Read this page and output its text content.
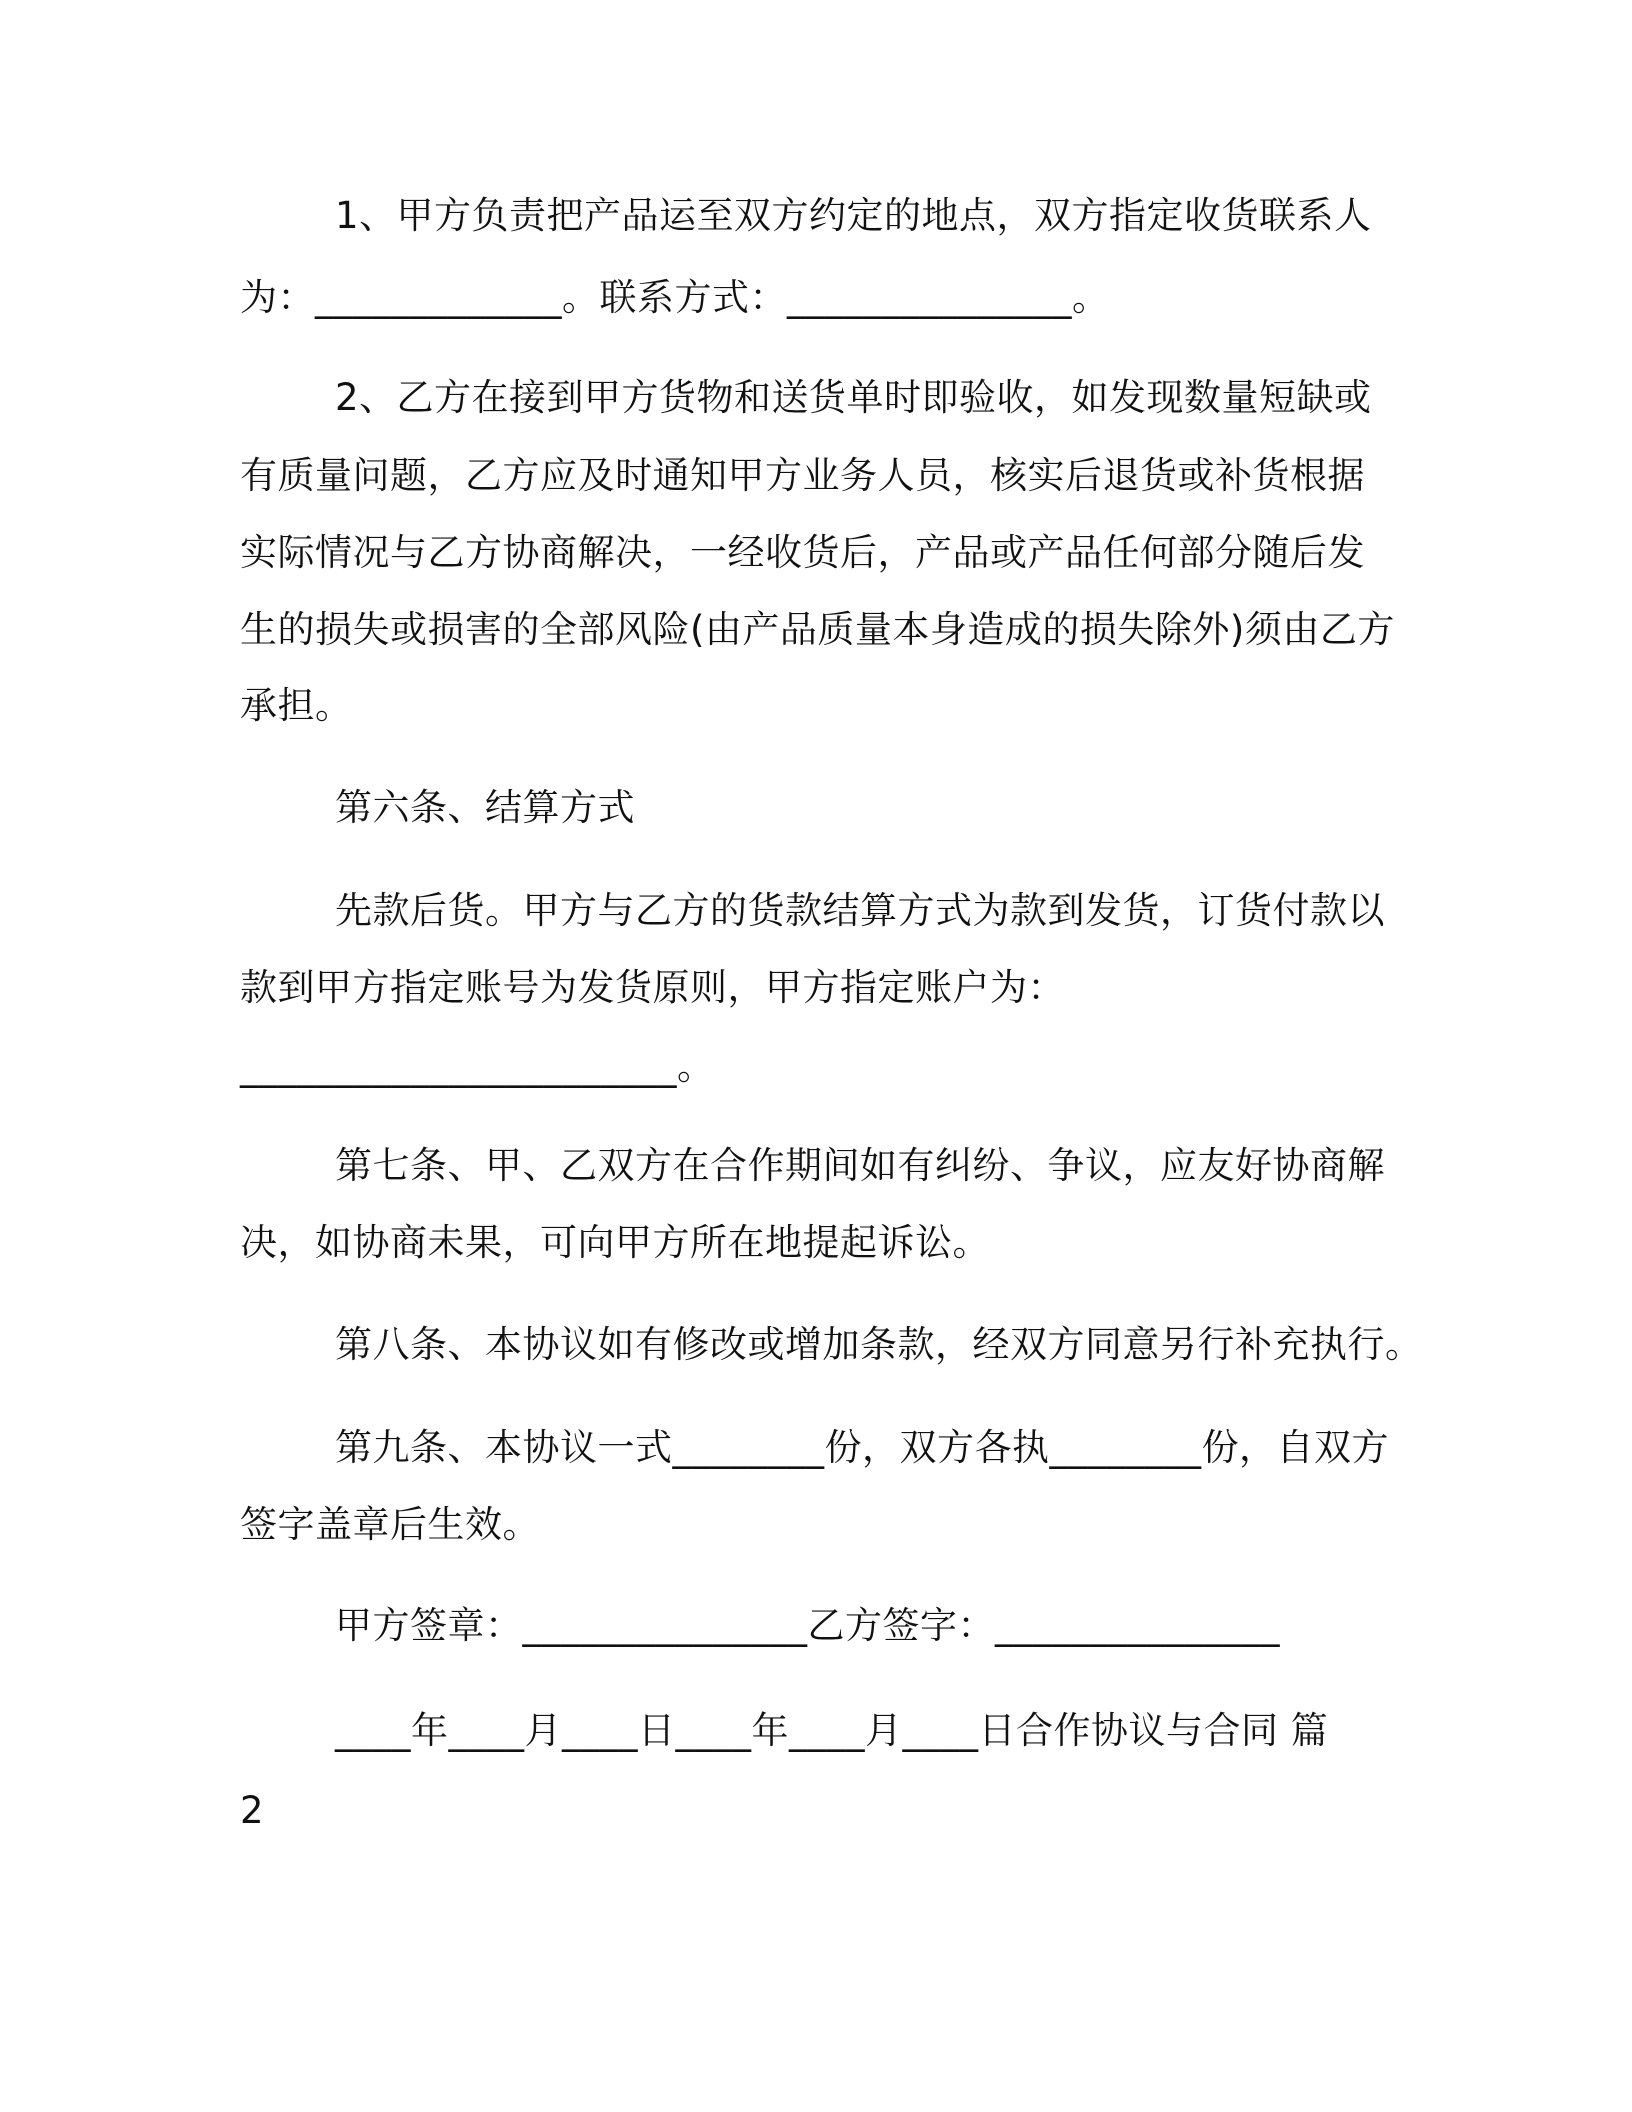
1、甲方负责把产品运至双方约定的地点，双方指定收货联系人
为：_____________。联系方式：_______________。
2、乙方在接到甲方货物和送货单时即验收，如发现数量短缺或
有质量问题，乙方应及时通知甲方业务人员，核实后退货或补货根据
实际情况与乙方协商解决，一经收货后，产品或产品任何部分随后发
生的损失或损害的全部风险(由产品质量本身造成的损失除外)须由乙方
承担。
第六条、结算方式
先款后货。甲方与乙方的货款结算方式为款到发货，订货付款以
款到甲方指定账号为发货原则，甲方指定账户为：
_______________________。
第七条、甲、乙双方在合作期间如有纠纷、争议，应友好协商解
决，如协商未果，可向甲方所在地提起诉讼。
第八条、本协议如有修改或增加条款，经双方同意另行补充执行。
第九条、本协议一式________份，双方各执________份，自双方
签字盖章后生效。
甲方签章：_______________乙方签字：_______________
____年____月____日____年____月____日合作协议与合同 篇
2
